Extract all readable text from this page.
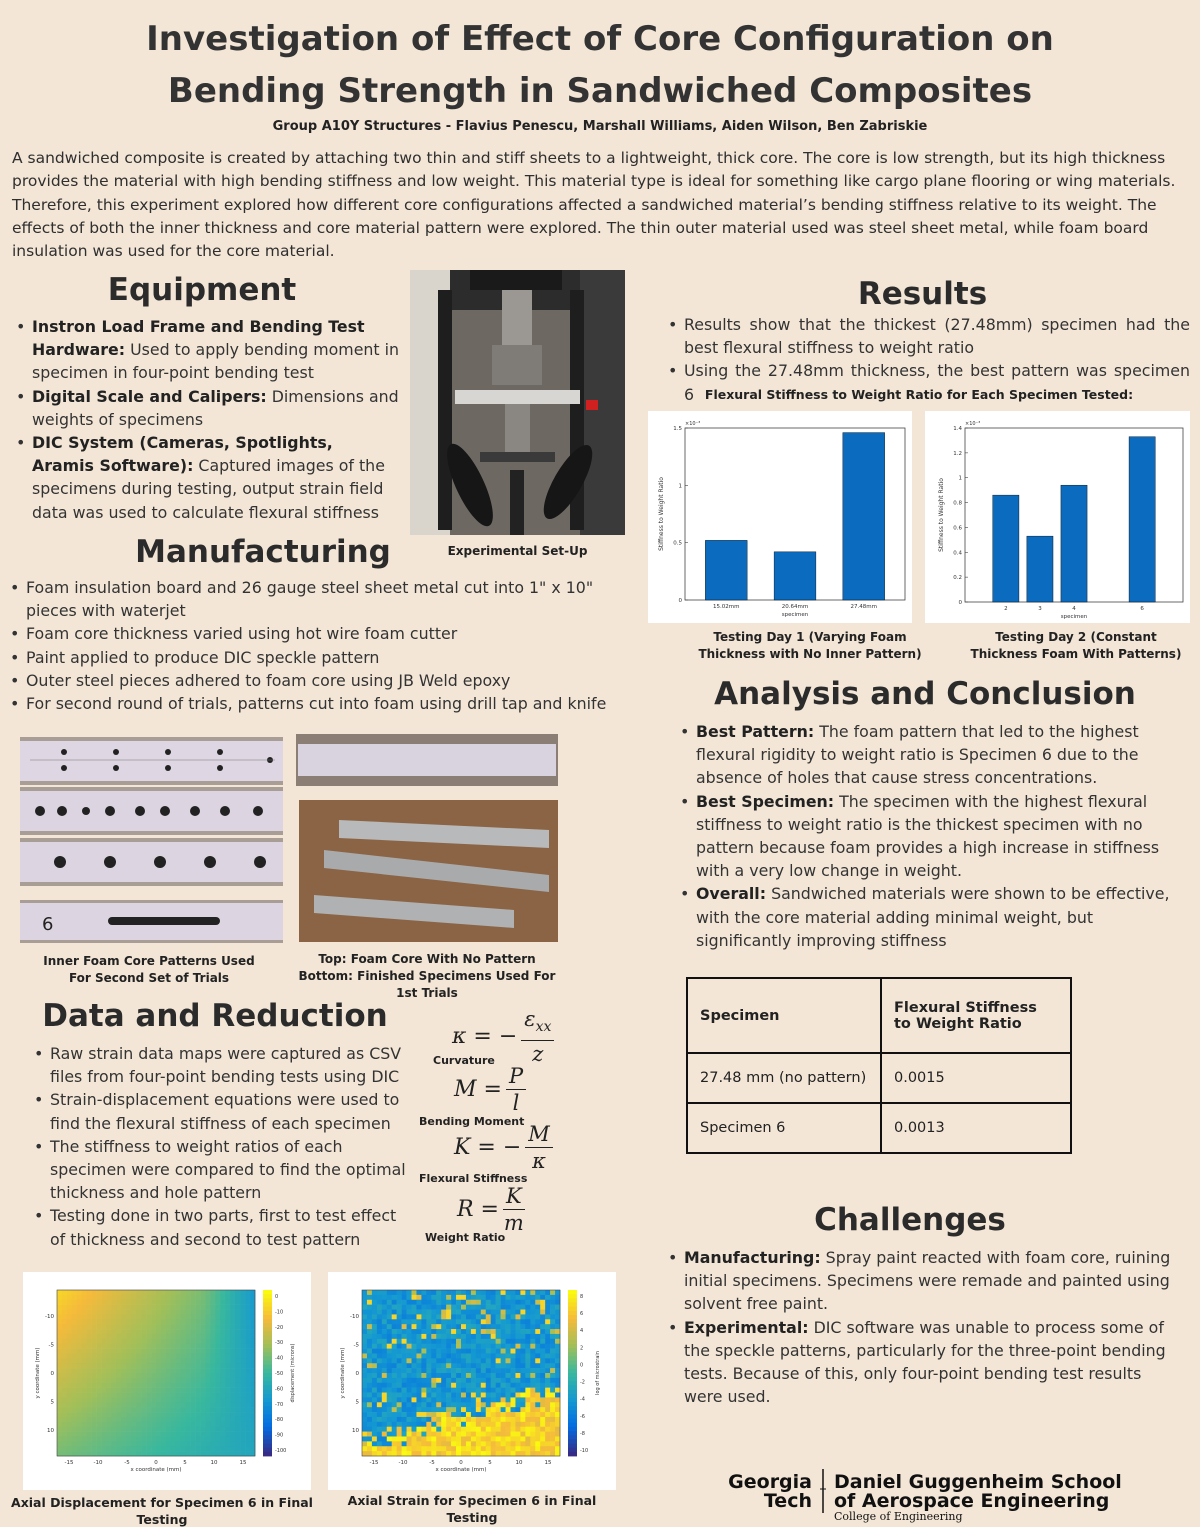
Investigation of Effect of Core Configuration on
Bending Strength in Sandwiched Composites
Group A10Y Structures - Flavius Penescu, Marshall Williams, Aiden Wilson, Ben Zabriskie

A sandwiched composite is created by attaching two thin and stiff sheets to a lightweight, thick core. The core is low strength, but its high thickness provides the material with high bending stiffness and low weight. This material type is ideal for something like cargo plane flooring or wing materials. Therefore, this experiment explored how different core configurations affected a sandwiched material’s bending stiffness relative to its weight. The effects of both the inner thickness and core material pattern were explored. The thin outer material used was steel sheet metal, while foam board insulation was used for the core material.

Equipment
• Instron Load Frame and Bending Test Hardware: Used to apply bending moment in specimen in four-point bending test
• Digital Scale and Calipers: Dimensions and weights of specimens
• DIC System (Cameras, Spotlights, Aramis Software): Captured images of the specimens during testing, output strain field data was used to calculate flexural stiffness
Experimental Set-Up
Manufacturing
• Foam insulation board and 26 gauge steel sheet metal cut into 1" x 10" pieces with waterjet
• Foam core thickness varied using hot wire foam cutter
• Paint applied to produce DIC speckle pattern
• Outer steel pieces adhered to foam core using JB Weld epoxy
• For second round of trials, patterns cut into foam using drill tap and knife
6
Inner Foam Core Patterns Used For Second Set of Trials
Top: Foam Core With No Pattern
Bottom: Finished Specimens Used For 1st Trials
Data and Reduction
• Raw strain data maps were captured as CSV files from four-point bending tests using DIC
• Strain-displacement equations were used to find the flexural stiffness of each specimen
• The stiffness to weight ratios of each specimen were compared to find the optimal thickness and hole pattern
• Testing done in two parts, first to test effect of thickness and second to test pattern
κ = − $\frac{\varepsilon_{xx}}{z}$
Curvature
$M = \frac{P}{l}$
Bending Moment
K = − $\frac{M}{\kappa}$
Flexural Stiffness
$R = \frac{K}{m}$
Weight Ratio
-15	-10	-5	0	5	10	15
-10
-5
0
5
10
x coordinate (mm)
y coordinate (mm)
0
-10
-20
-30
-40
-50
-60
-70
-80
-90
-100
displacement (microns)
Axial Displacement for Specimen 6 in Final Testing
-15	-10	-5	0	5	10	15
-10
-5
0
5
10
x coordinate (mm)
y coordinate (mm)
8
6
4
2
0
-2
-4
-6
-8
-10
log of microstrain
Axial Strain for Specimen 6 in Final Testing
Results
• Results show that the thickest (27.48mm) specimen had the best flexural stiffness to weight ratio
• Using the 27.48mm thickness, the best pattern was specimen 6 Flexural Stiffness to Weight Ratio for Each Specimen Tested:
0
0.5
1
1.5
×10⁻³
15.02mm	20.64mm	27.48mm
specimen
Stiffness to Weight Ratio
0
0.2
0.4
0.6
0.8
1
1.2
1.4
×10⁻³
2	3	4	6
specimen
Stiffness to Weight Ratio
Testing Day 1 (Varying Foam Thickness with No Inner Pattern)
Testing Day 2 (Constant Thickness Foam With Patterns)
Analysis and Conclusion
• Best Pattern: The foam pattern that led to the highest flexural rigidity to weight ratio is Specimen 6 due to the absence of holes that cause stress concentrations.
• Best Specimen: The specimen with the highest flexural stiffness to weight ratio is the thickest specimen with no pattern because foam provides a high increase in stiffness with a very low change in weight.
• Overall: Sandwiched materials were shown to be effective, with the core material adding minimal weight, but significantly improving stiffness
Specimen	Flexural Stiffness to Weight Ratio
27.48 mm (no pattern)	0.0015
Specimen 6	0.0013
Challenges
• Manufacturing: Spray paint reacted with foam core, ruining initial specimens. Specimens were remade and painted using solvent free paint.
• Experimental: DIC software was unable to process some of the speckle patterns, particularly for the three-point bending tests. Because of this, only four-point bending test results were used.
Georgia
Tech
Daniel Guggenheim School
of Aerospace Engineering
College of Engineering
